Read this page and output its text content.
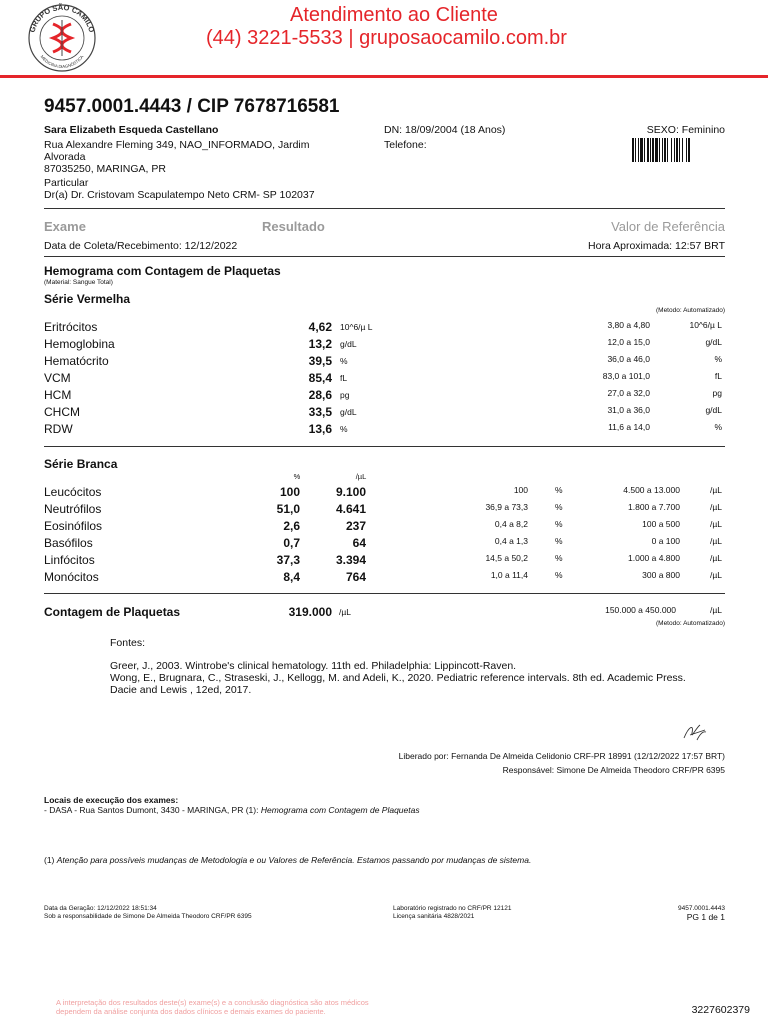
GRUPO SÃO CAMILO
MEDICINA DIAGNÓSTICA
Atendimento ao Cliente
(44) 3221-5533 | gruposaocamilo.com.br
9457.0001.4443 / CIP 7678716581
Sara Elizabeth Esqueda Castellano
Rua Alexandre Fleming 349, NAO_INFORMADO, Jardim
Alvorada
87035250, MARINGA, PR
Particular
Dr(a) Dr. Cristovam Scapulatempo Neto CRM- SP 102037
DN: 18/09/2004 (18 Anos)
Telefone:
SEXO: Feminino
Exame	Resultado	Valor de Referência
Data de Coleta/Recebimento: 12/12/2022	Hora Aproximada: 12:57 BRT
Hemograma com Contagem de Plaquetas
(Material: Sangue Total)
Série Vermelha
(Metodo: Automatizado)
Eritrócitos	4,62 10^6/µ L	3,80 a 4,80	10^6/µ L
Hemoglobina	13,2 g/dL	12,0 a 15,0	g/dL
Hematócrito	39,5 %	36,0 a 46,0	%
VCM	85,4 fL	83,0 a 101,0	fL
HCM	28,6 pg	27,0 a 32,0	pg
CHCM	33,5 g/dL	31,0 a 36,0	g/dL
RDW	13,6 %	11,6 a 14,0	%
Série Branca
%	/µL
Leucócitos	100	9.100	100	%	4.500 a 13.000	/µL
Neutrófilos	51,0	4.641	36,9 a 73,3	%	1.800 a 7.700	/µL
Eosinófilos	2,6	237	0,4 a 8,2	%	100 a 500	/µL
Basófilos	0,7	64	0,4 a 1,3	%	0 a 100	/µL
Linfócitos	37,3	3.394	14,5 a 50,2	%	1.000 a 4.800	/µL
Monócitos	8,4	764	1,0 a 11,4	%	300 a 800	/µL
Contagem de Plaquetas	319.000 /µL	150.000 a 450.000	/µL
(Metodo: Automatizado)
Fontes:
Greer, J., 2003. Wintrobe's clinical hematology. 11th ed. Philadelphia: Lippincott-Raven.
Wong, E., Brugnara, C., Straseski, J., Kellogg, M. and Adeli, K., 2020. Pediatric reference intervals. 8th ed. Academic Press.
Dacie and Lewis , 12ed, 2017.
Liberado por: Fernanda De Almeida Celidonio CRF-PR 18991 (12/12/2022 17:57 BRT)
Responsável: Simone De Almeida Theodoro CRF/PR 6395
Locais de execução dos exames:
- DASA - Rua Santos Dumont, 3430 - MARINGA, PR (1): Hemograma com Contagem de Plaquetas
(1) Atenção para possíveis mudanças de Metodologia e ou Valores de Referência. Estamos passando por mudanças de sistema.
Data da Geração: 12/12/2022 18:51:34
Sob a responsabilidade de Simone De Almeida Theodoro CRF/PR 6395
Laboratório registrado no CRF/PR 12121
Licença sanitária 4828/2021
9457.0001.4443
PG 1 de 1
A interpretação dos resultados deste(s) exame(s) e a conclusão diagnóstica são atos médicos
dependem da análise conjunta dos dados clínicos e demais exames do paciente.	3227602379
